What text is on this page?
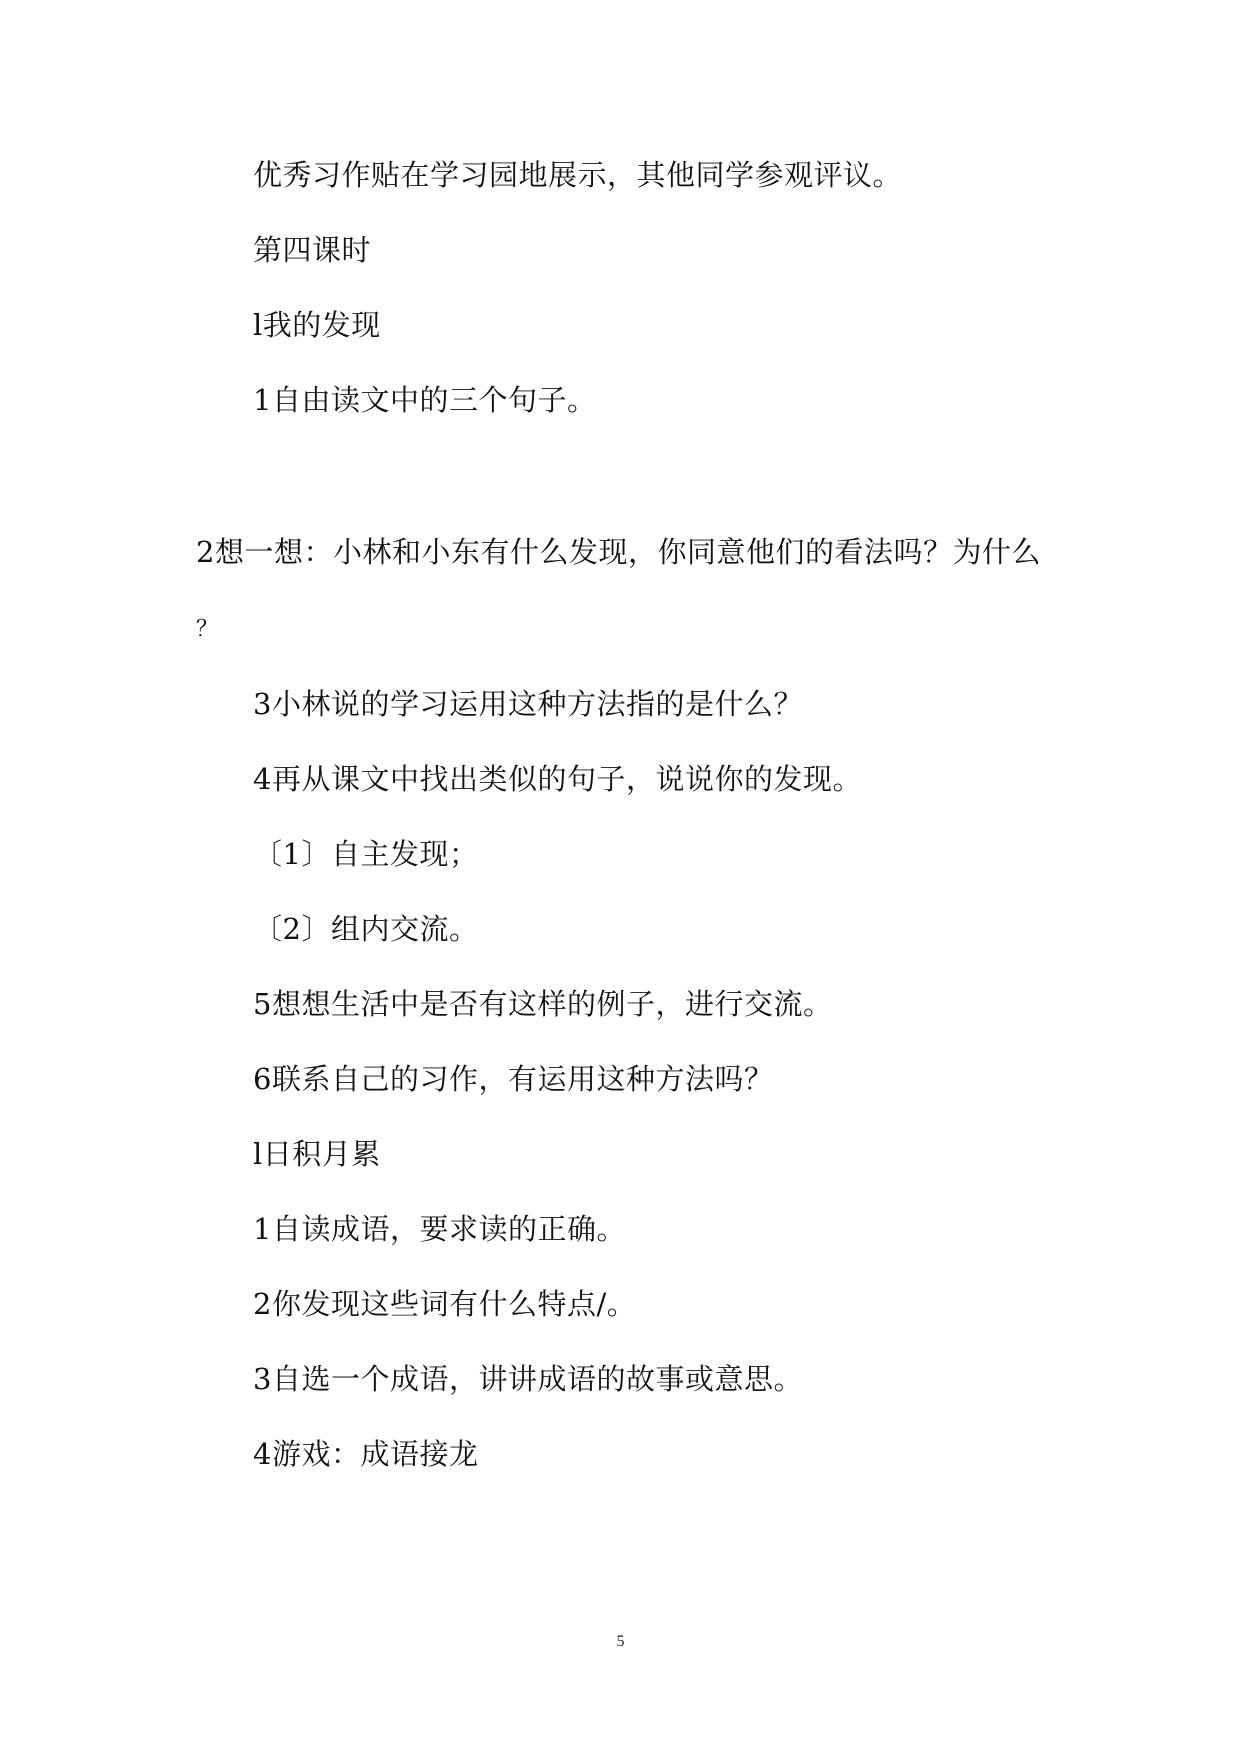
优秀习作贴在学习园地展示，其他同学参观评议。
第四课时
l我的发现
1自由读文中的三个句子。
2想一想：小林和小东有什么发现，你同意他们的看法吗？为什么
？
3小林说的学习运用这种方法指的是什么？
4再从课文中找出类似的句子，说说你的发现。
〔1〕自主发现；
〔2〕组内交流。
5想想生活中是否有这样的例子，进行交流。
6联系自己的习作，有运用这种方法吗？
l日积月累
1自读成语，要求读的正确。
2你发现这些词有什么特点/。
3自选一个成语，讲讲成语的故事或意思。
4游戏：成语接龙
5
